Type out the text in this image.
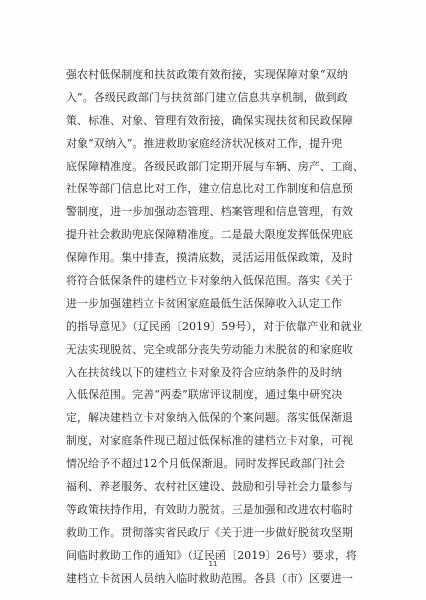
强农村低保制度和扶贫政策有效衔接，实现保障对象“双纳
入”。各级民政部门与扶贫部门建立信息共享机制，做到政
策、标准、对象、管理有效衔接，确保实现扶贫和民政保障
对象“双纳入”。推进救助家庭经济状况核对工作，提升兜
底保障精准度。各级民政部门定期开展与车辆、房产、工商、
社保等部门信息比对工作，建立信息比对工作制度和信息预
警制度，进一步加强动态管理、档案管理和信息管理，有效
提升社会救助兜底保障精准度。二是最大限度发挥低保兜底
保障作用。集中排查，摸清底数，灵活运用低保政策，及时
将符合低保条件的建档立卡对象纳入低保范围。落实《关于
进一步加强建档立卡贫困家庭最低生活保障收入认定工作
的指导意见》（辽民函〔2019〕59号），对于依靠产业和就业
无法实现脱贫、完全或部分丧失劳动能力未脱贫的和家庭收
入在扶贫线以下的建档立卡对象及符合应纳条件的及时纳
入低保范围。完善“两委”联席评议制度，通过集中研究决
定，解决建档立卡对象纳入低保的个案问题。落实低保渐退
制度，对家庭条件现已超过低保标准的建档立卡对象，可视
情况给予不超过12个月低保渐退。同时发挥民政部门社会
福利、养老服务、农村社区建设、鼓励和引导社会力量参与
等政策扶持作用，有效助力脱贫。三是加强和改进农村临时
救助工作。贯彻落实省民政厅《关于进一步做好脱贫攻坚期
间临时救助工作的通知》（辽民函〔2019〕26号）要求，将
建档立卡贫困人员纳入临时救助范围。各县（市）区要进一
11
